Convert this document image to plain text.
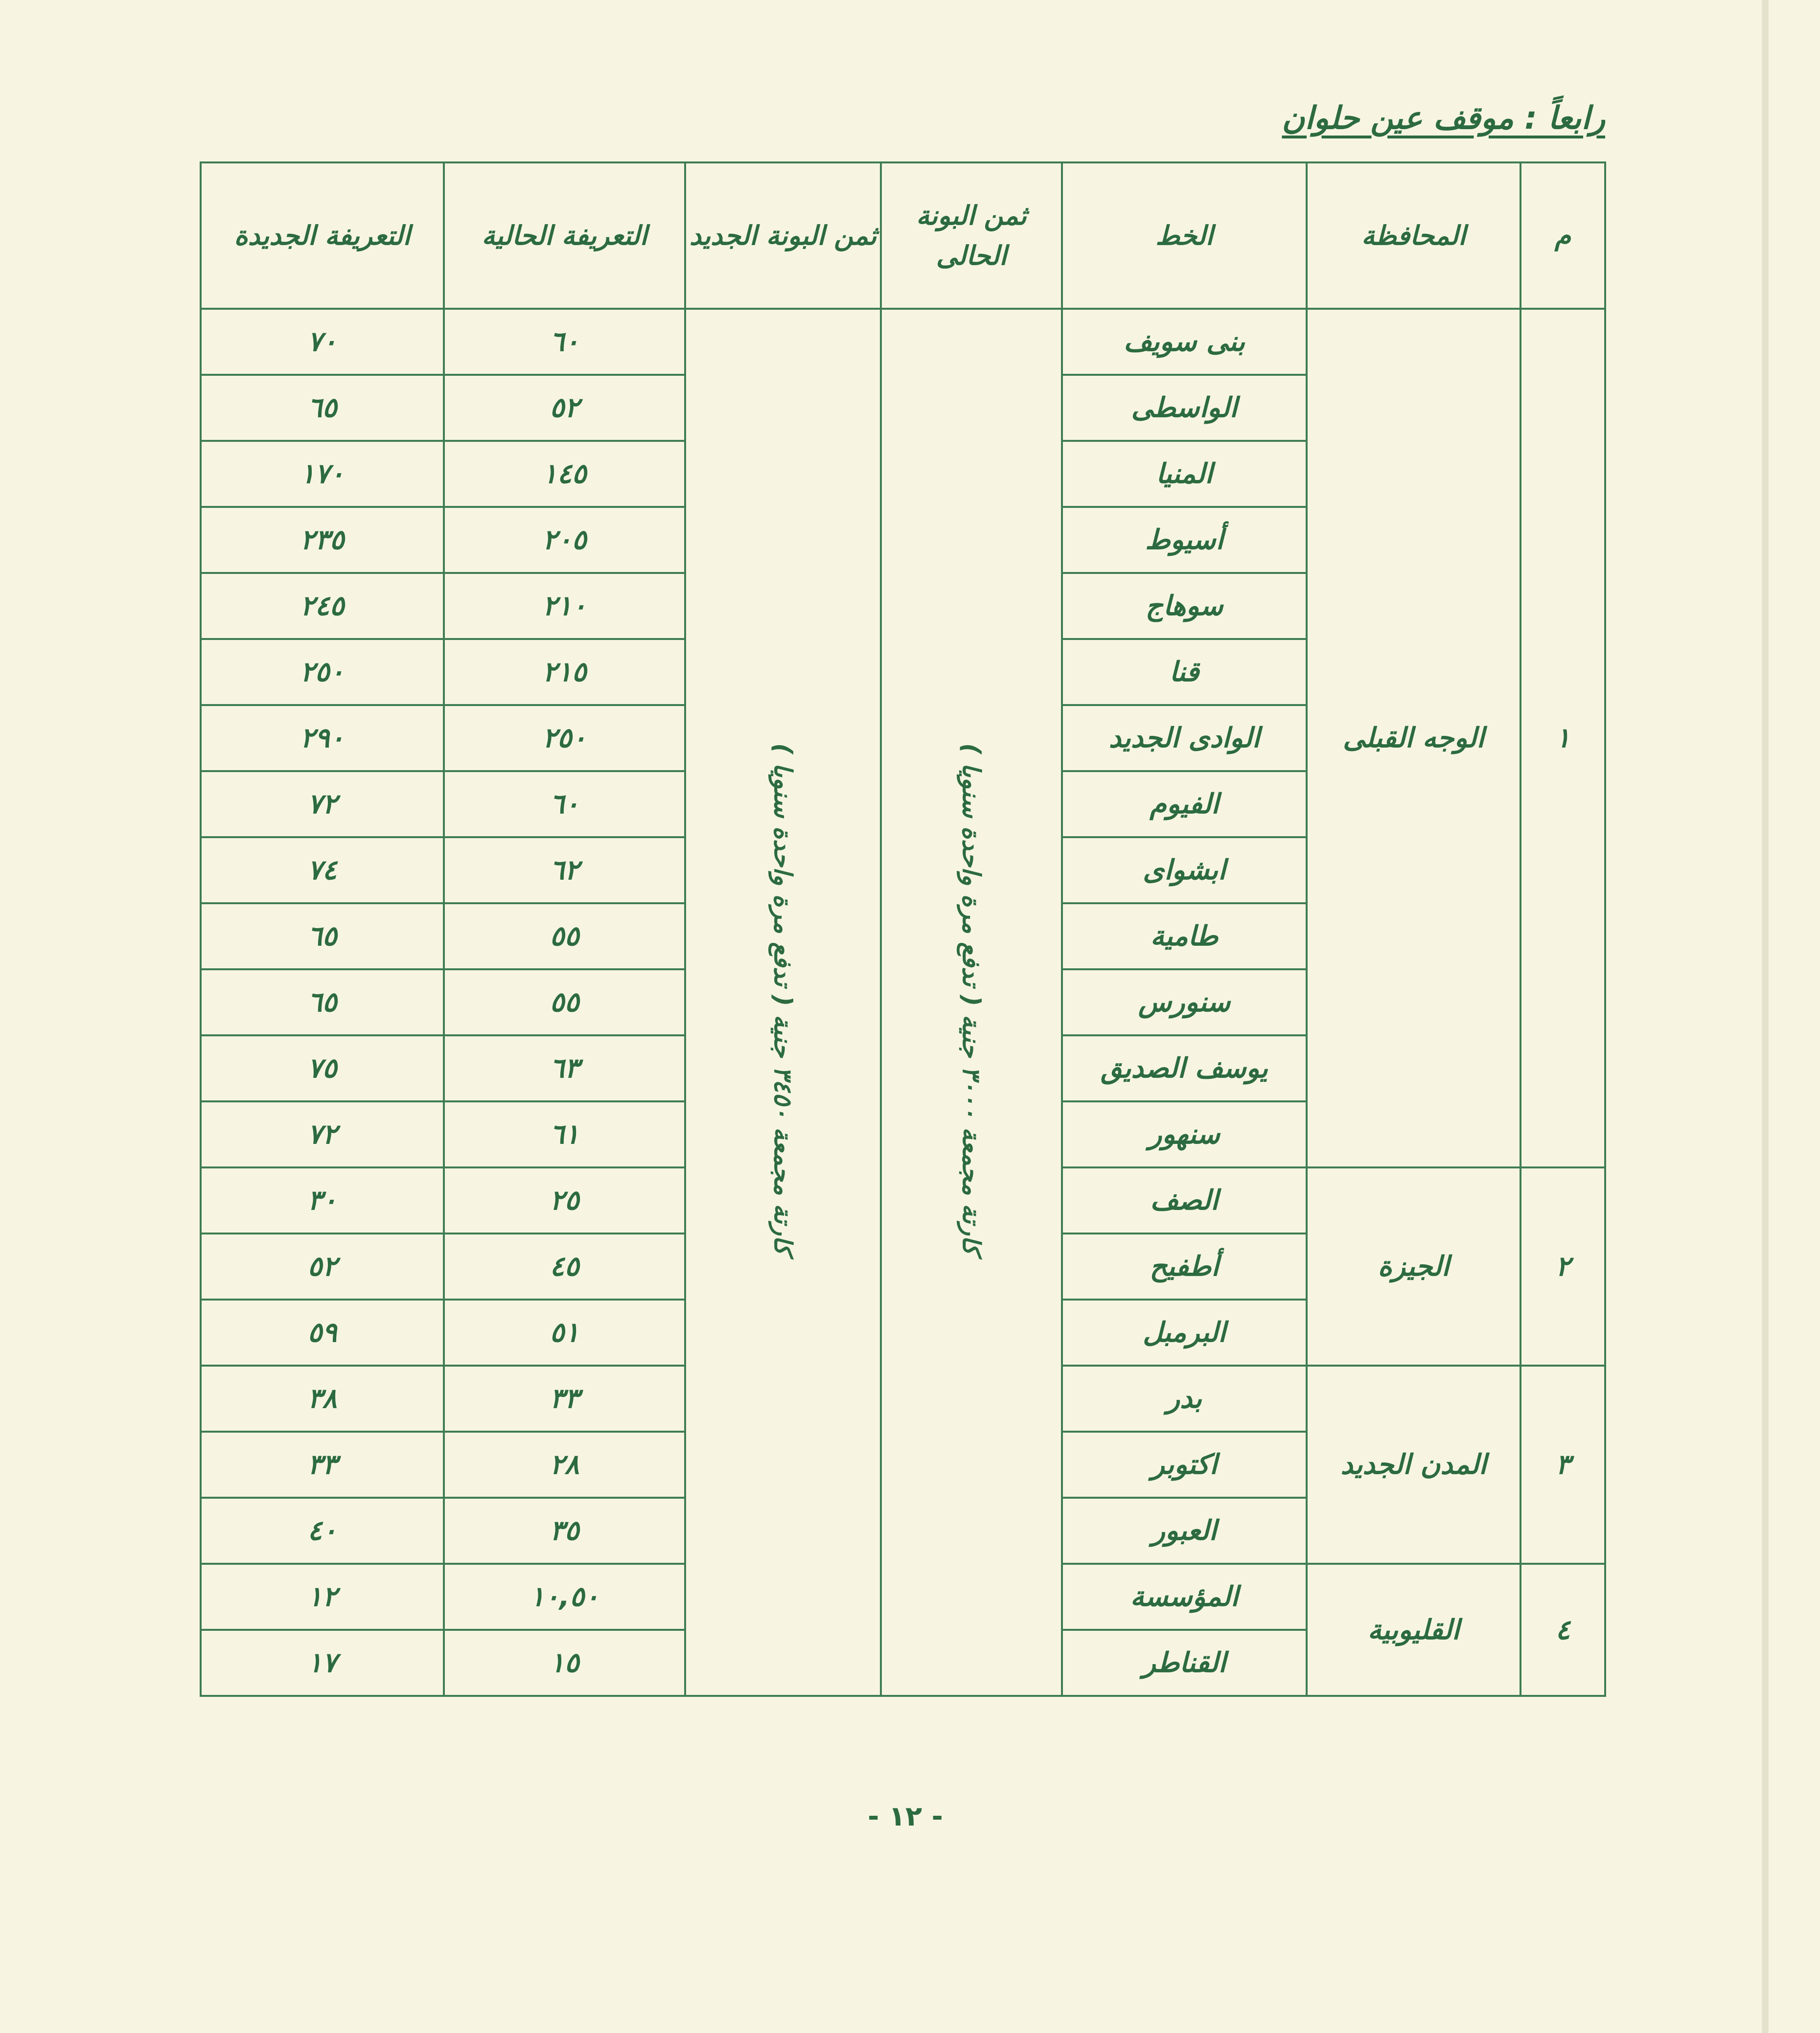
رابعاً : موقف عين حلوان
م	المحافظة	الخط	ثمن البونة الحالى	ثمن البونة الجديد	التعريفة الحالية	التعريفة الجديدة
١	الوجه القبلى	بنى سويف	كارتة مجمعة ٣٠٠٠ جنية ( تدفع مرة واحدة سنويا )	كارتة مجمعة ٣٤٥٠ جنية ( تدفع مرة واحدة سنويا )	٦٠	٧٠
		الواسطى			٥٢	٦٥
		المنيا			١٤٥	١٧٠
		أسيوط			٢٠٥	٢٣٥
		سوهاج			٢١٠	٢٤٥
		قنا			٢١٥	٢٥٠
		الوادى الجديد			٢٥٠	٢٩٠
		الفيوم			٦٠	٧٢
		ابشواى			٦٢	٧٤
		طامية			٥٥	٦٥
		سنورس			٥٥	٦٥
		يوسف الصديق			٦٣	٧٥
		سنهور			٦١	٧٢
٢	الجيزة	الصف			٢٥	٣٠
		أطفيح			٤٥	٥٢
		البرمبل			٥١	٥٩
٣	المدن الجديد	بدر			٣٣	٣٨
		اكتوبر			٢٨	٣٣
		العبور			٣٥	٤٠
٤	القليوبية	المؤسسة			١٠,٥٠	١٢
		القناطر			١٥	١٧
- ١٢ -
